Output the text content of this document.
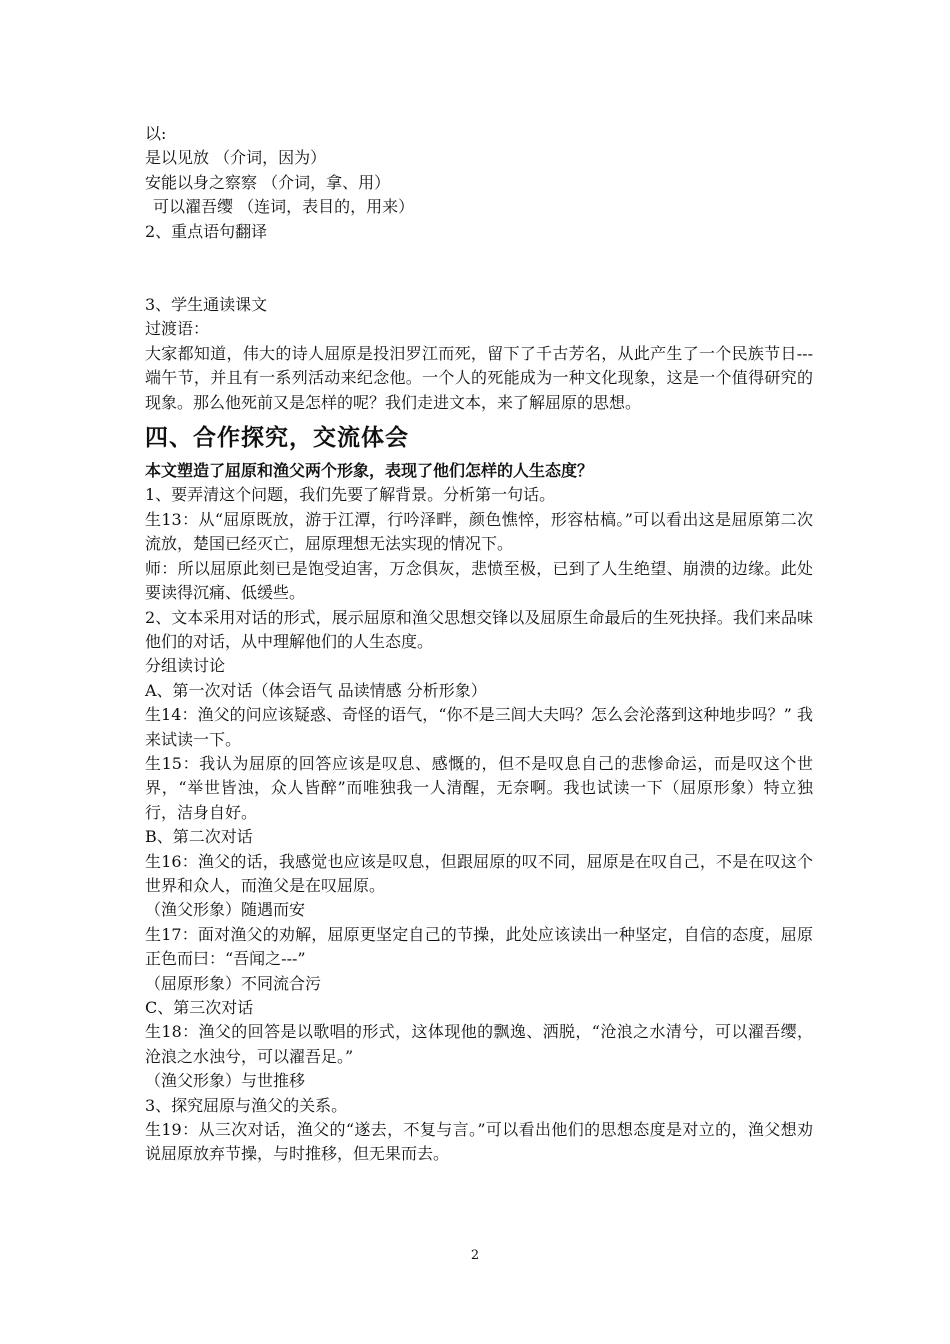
以:
是以见放 （介词，因为）
安能以身之察察 （介词，拿、用）
可以濯吾缨 （连词，表目的，用来）
2、重点语句翻译
3、学生通读课文
过渡语：
大家都知道，伟大的诗人屈原是投汨罗江而死，留下了千古芳名，从此产生了一个民族节日---端午节，并且有一系列活动来纪念他。一个人的死能成为一种文化现象，这是一个值得研究的现象。那么他死前又是怎样的呢？我们走进文本，来了解屈原的思想。
四、合作探究，交流体会
本文塑造了屈原和渔父两个形象，表现了他们怎样的人生态度？
1、要弄清这个问题，我们先要了解背景。分析第一句话。
生13：从“屈原既放，游于江潭，行吟泽畔，颜色憔悴，形容枯槁。”可以看出这是屈原第二次流放，楚国已经灭亡，屈原理想无法实现的情况下。
师：所以屈原此刻已是饱受迫害，万念俱灰，悲愤至极，已到了人生绝望、崩溃的边缘。此处要读得沉痛、低缓些。
2、文本采用对话的形式，展示屈原和渔父思想交锋以及屈原生命最后的生死抉择。我们来品味他们的对话，从中理解他们的人生态度。
分组读讨论
A、第一次对话（体会语气 品读情感 分析形象）
生14：渔父的问应该疑惑、奇怪的语气，“你不是三闾大夫吗？怎么会沦落到这种地步吗？” 我来试读一下。
生15：我认为屈原的回答应该是叹息、感慨的，但不是叹息自己的悲惨命运，而是叹这个世界，“举世皆浊，众人皆醉”而唯独我一人清醒，无奈啊。我也试读一下（屈原形象）特立独行，洁身自好。
B、第二次对话
生16：渔父的话，我感觉也应该是叹息，但跟屈原的叹不同，屈原是在叹自己，不是在叹这个世界和众人，而渔父是在叹屈原。
（渔父形象）随遇而安
生17：面对渔父的劝解，屈原更坚定自己的节操，此处应该读出一种坚定，自信的态度，屈原正色而曰：“吾闻之---”
（屈原形象）不同流合污
C、第三次对话
生18：渔父的回答是以歌唱的形式，这体现他的飘逸、洒脱，“沧浪之水清兮，可以濯吾缨，沧浪之水浊兮，可以濯吾足。”
（渔父形象）与世推移
3、探究屈原与渔父的关系。
生19：从三次对话，渔父的“遂去，不复与言。”可以看出他们的思想态度是对立的，渔父想劝说屈原放弃节操，与时推移，但无果而去。
2
